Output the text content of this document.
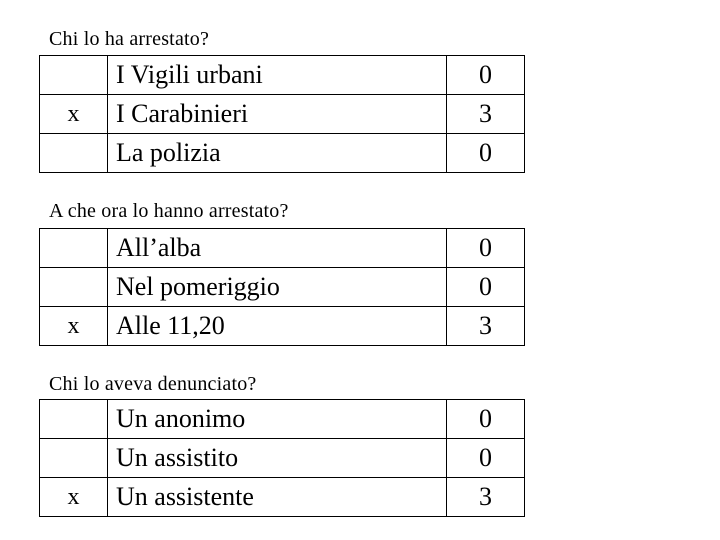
Chi lo ha arrestato?
	I Vigili urbani	0
x	I Carabinieri	3
	La polizia	0
A che ora lo hanno arrestato?
	All’alba	0
	Nel pomeriggio	0
x	Alle 11,20	3
Chi lo aveva denunciato?
	Un anonimo	0
	Un assistito	0
x	Un assistente	3
